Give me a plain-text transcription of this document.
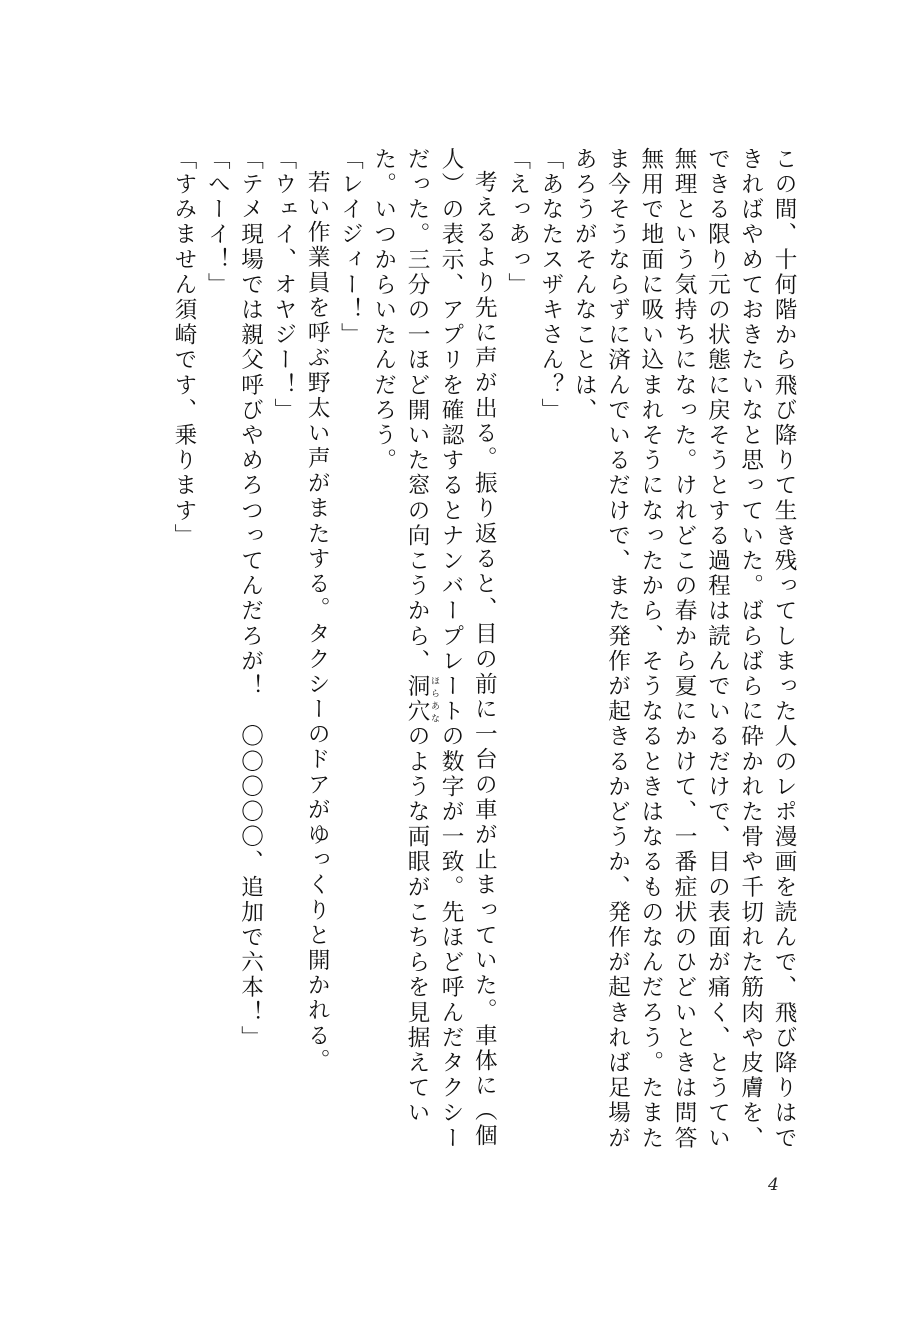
この間、十何階から飛び降りて生き残ってしまった人のレポ漫画を読んで、飛び降りはできればやめておきたいなと思っていた。ばらばらに砕かれた骨や千切れた筋肉や皮膚を、できる限り元の状態に戻そうとする過程は読んでいるだけで、目の表面が痛く、とうてい無理という気持ちになった。けれどこの春から夏にかけて、一番症状のひどいときは問答無用で地面に吸い込まれそうになったから、そうなるときはなるものなんだろう。たまたま今そうならずに済んでいるだけで、また発作が起きるかどうか、発作が起きれば足場があろうがそんなことは、

「あなたスザキさん？」

「えっあっ」

考えるより先に声が出る。振り返ると、目の前に一台の車が止まっていた。車体に（個人）の表示、アプリを確認するとナンバープレートの数字が一致。先ほど呼んだタクシーだった。三分の一ほど開いた窓の向こうから、洞穴 ほらあなのような両眼がこちらを見据えていた。いつからいたんだろう。

「レイジィー！」

若い作業員を呼ぶ野太い声がまたする。タクシーのドアがゆっくりと開かれる。

「ウェイ、オヤジー！」

「テメ現場では親父呼びやめろつってんだろが！　〇〇〇〇〇、追加で六本！」

「へーイ！」

「すみません須崎です、乗ります」

4
